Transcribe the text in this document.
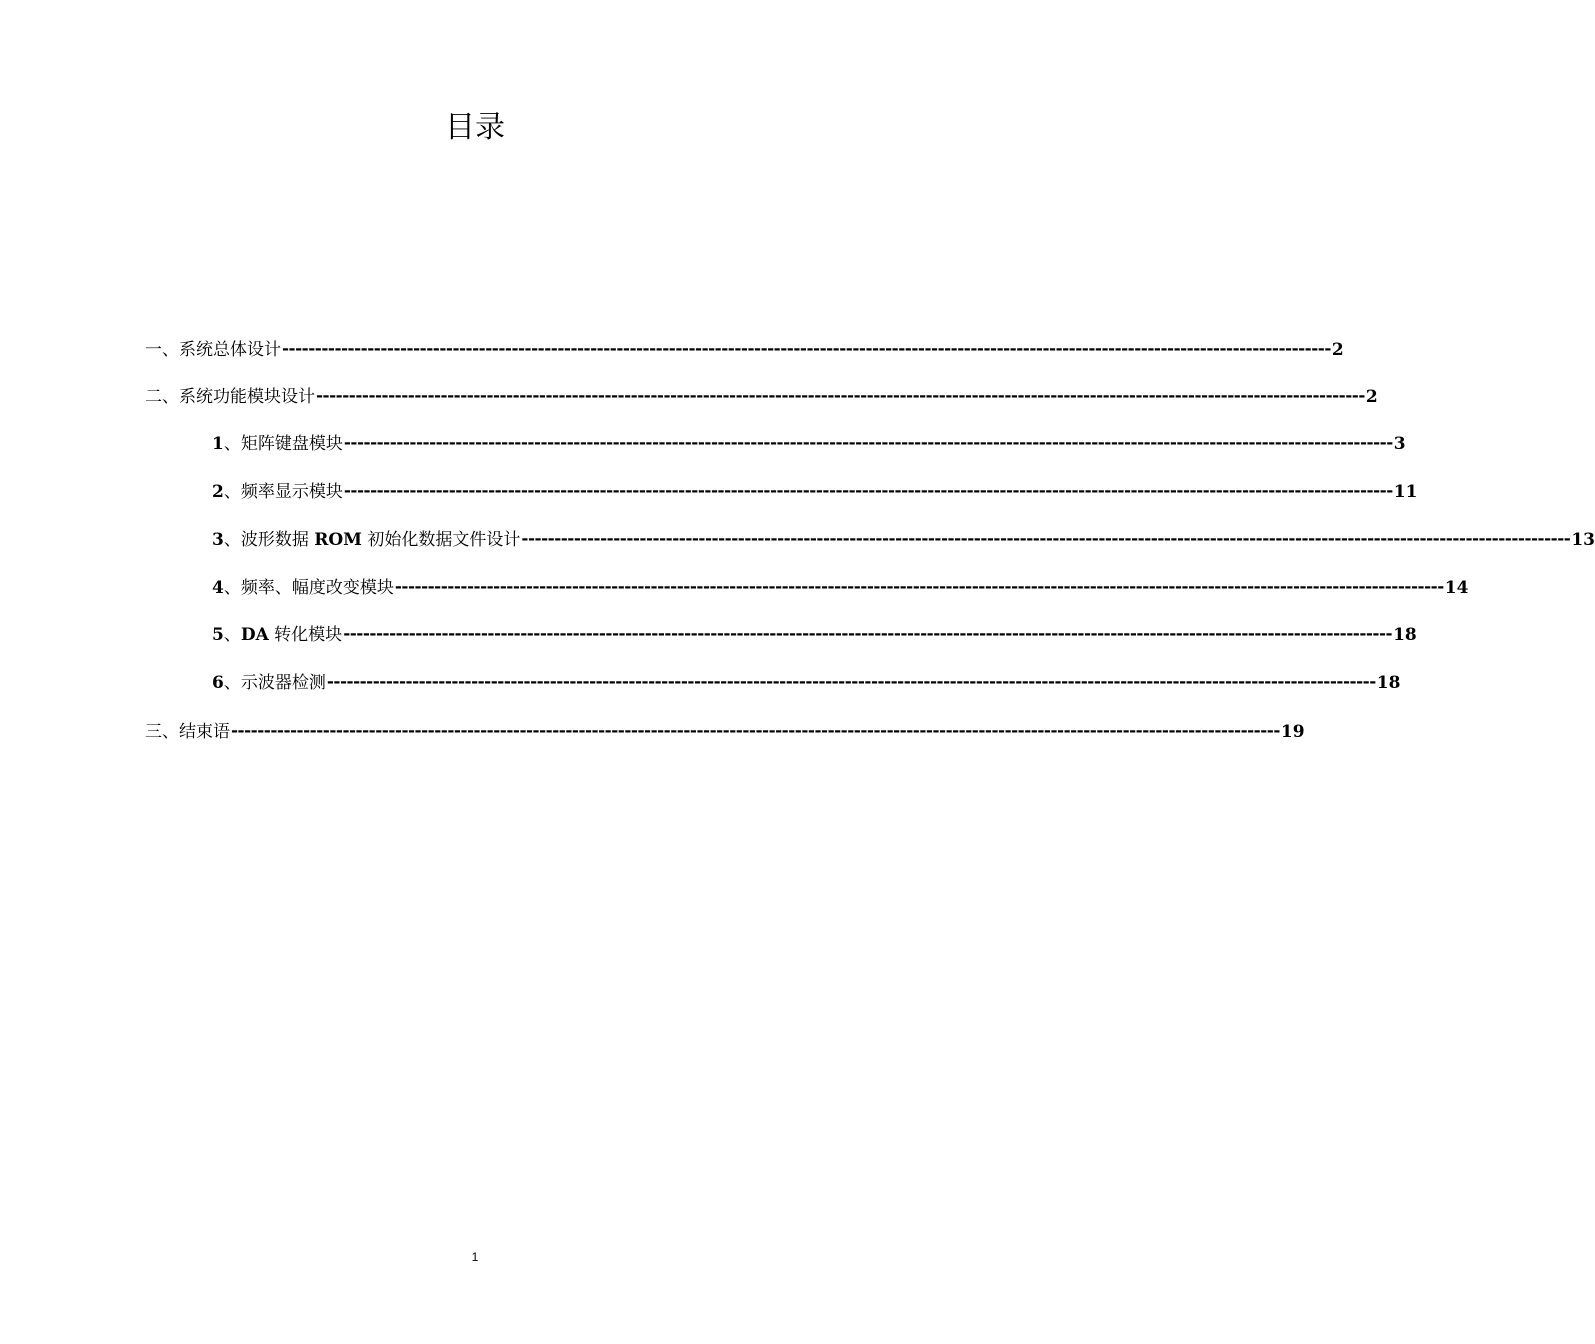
目录
一、系统总体设计 ---------------------------------------------------------------------------------------------------------------------------------------------------------------- 2
二、系统功能模块设计 ---------------------------------------------------------------------------------------------------------------------------------------------------------------- 2
1 、矩阵键盘模块 ---------------------------------------------------------------------------------------------------------------------------------------------------------------- 3
2 、频率显示模块 ---------------------------------------------------------------------------------------------------------------------------------------------------------------- 11
3 、波形数据 ROM 初始化数据文件设计 ---------------------------------------------------------------------------------------------------------------------------------------------------------------- 13
4 、频率、幅度改变模块 ---------------------------------------------------------------------------------------------------------------------------------------------------------------- 14
5 、DA 转化模块 ---------------------------------------------------------------------------------------------------------------------------------------------------------------- 18
6 、示波器检测 ---------------------------------------------------------------------------------------------------------------------------------------------------------------- 18
三、结束语 ---------------------------------------------------------------------------------------------------------------------------------------------------------------- 19
1
